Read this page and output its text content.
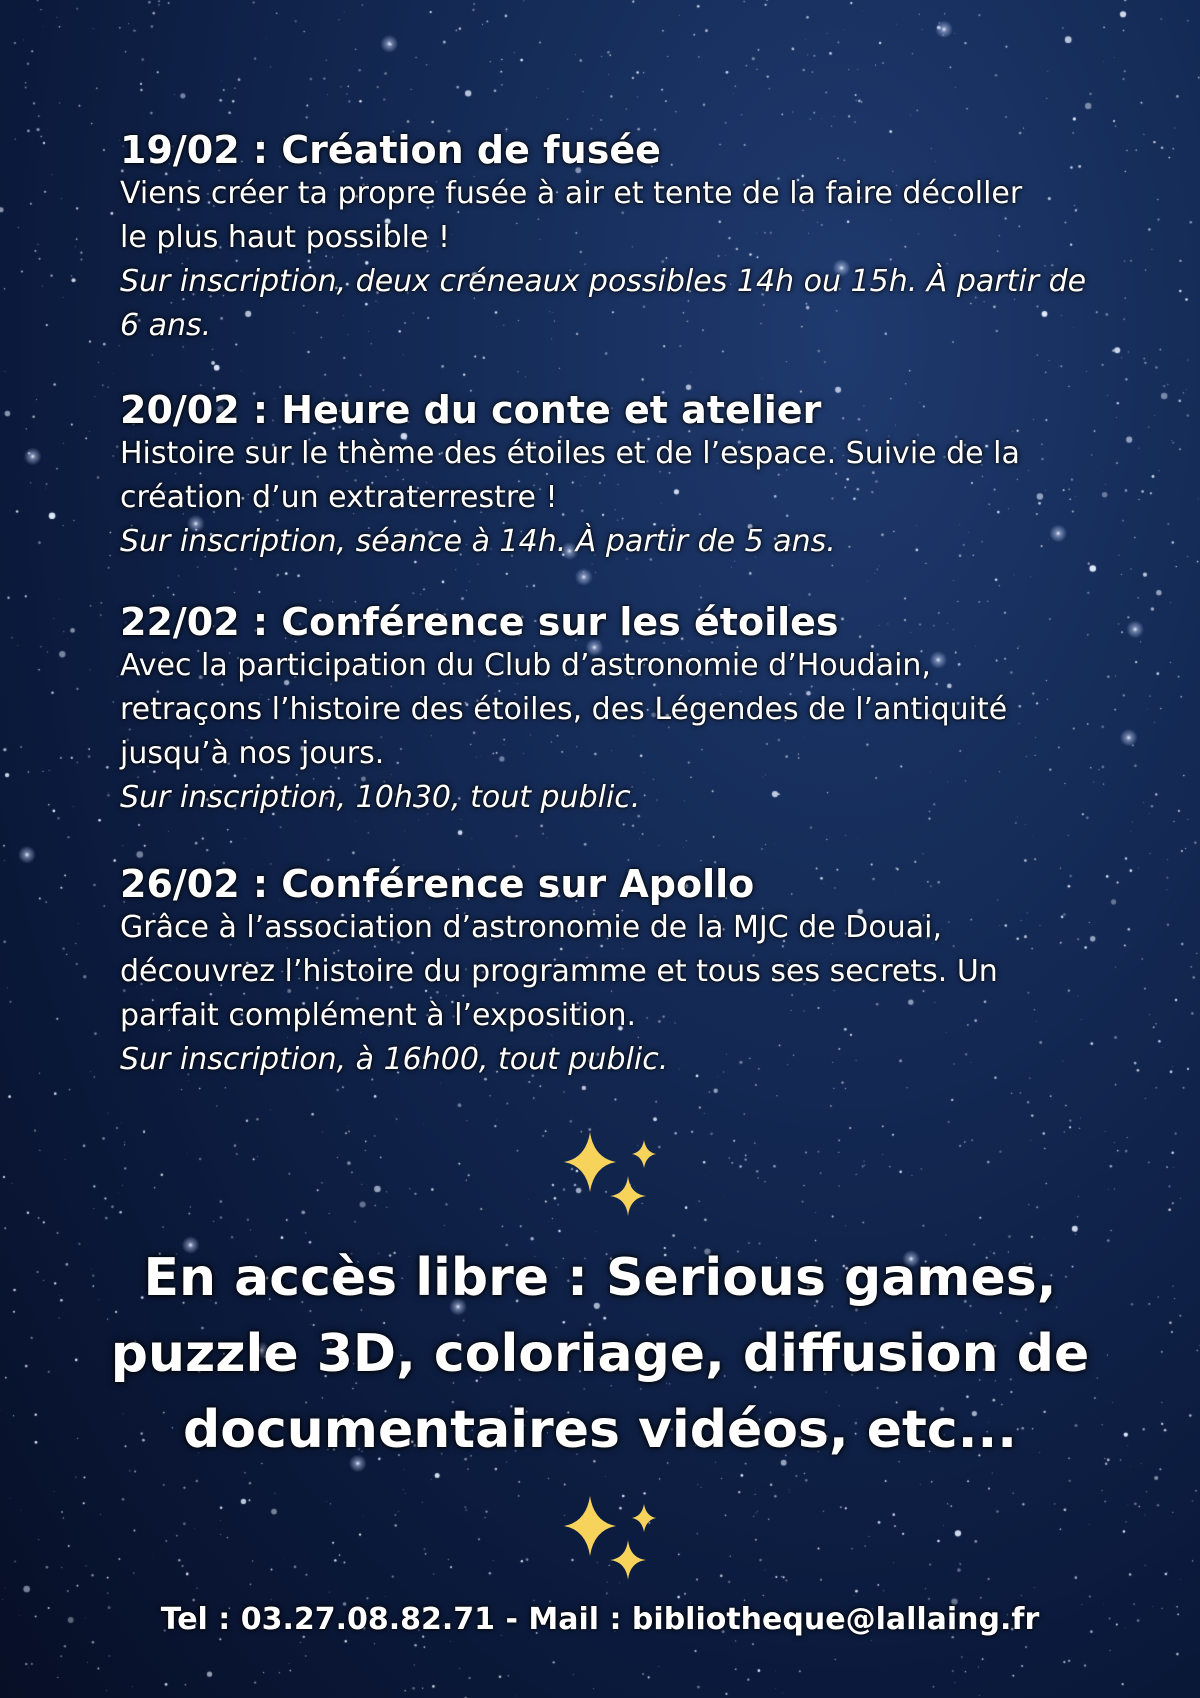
19/02 : Création de fusée

Viens créer ta propre fusée à air et tente de la faire décoller

le plus haut possible !

Sur inscription, deux créneaux possibles 14h ou 15h. À partir de

6 ans.

20/02 : Heure du conte et atelier

Histoire sur le thème des étoiles et de l’espace. Suivie de la

création d’un extraterrestre !

Sur inscription, séance à 14h. À partir de 5 ans.

22/02 : Conférence sur les étoiles

Avec la participation du Club d’astronomie d’Houdain,

retraçons l’histoire des étoiles, des Légendes de l’antiquité

jusqu’à nos jours.

Sur inscription, 10h30, tout public.

26/02 : Conférence sur Apollo

Grâce à l’association d’astronomie de la MJC de Douai,

découvrez l’histoire du programme et tous ses secrets. Un

parfait complément à l’exposition.

Sur inscription, à 16h00, tout public.

En accès libre : Serious games,
puzzle 3D, coloriage, diffusion de
documentaires vidéos, etc...
Tel : 03.27.08.82.71 - Mail : bibliotheque@lallaing.fr
